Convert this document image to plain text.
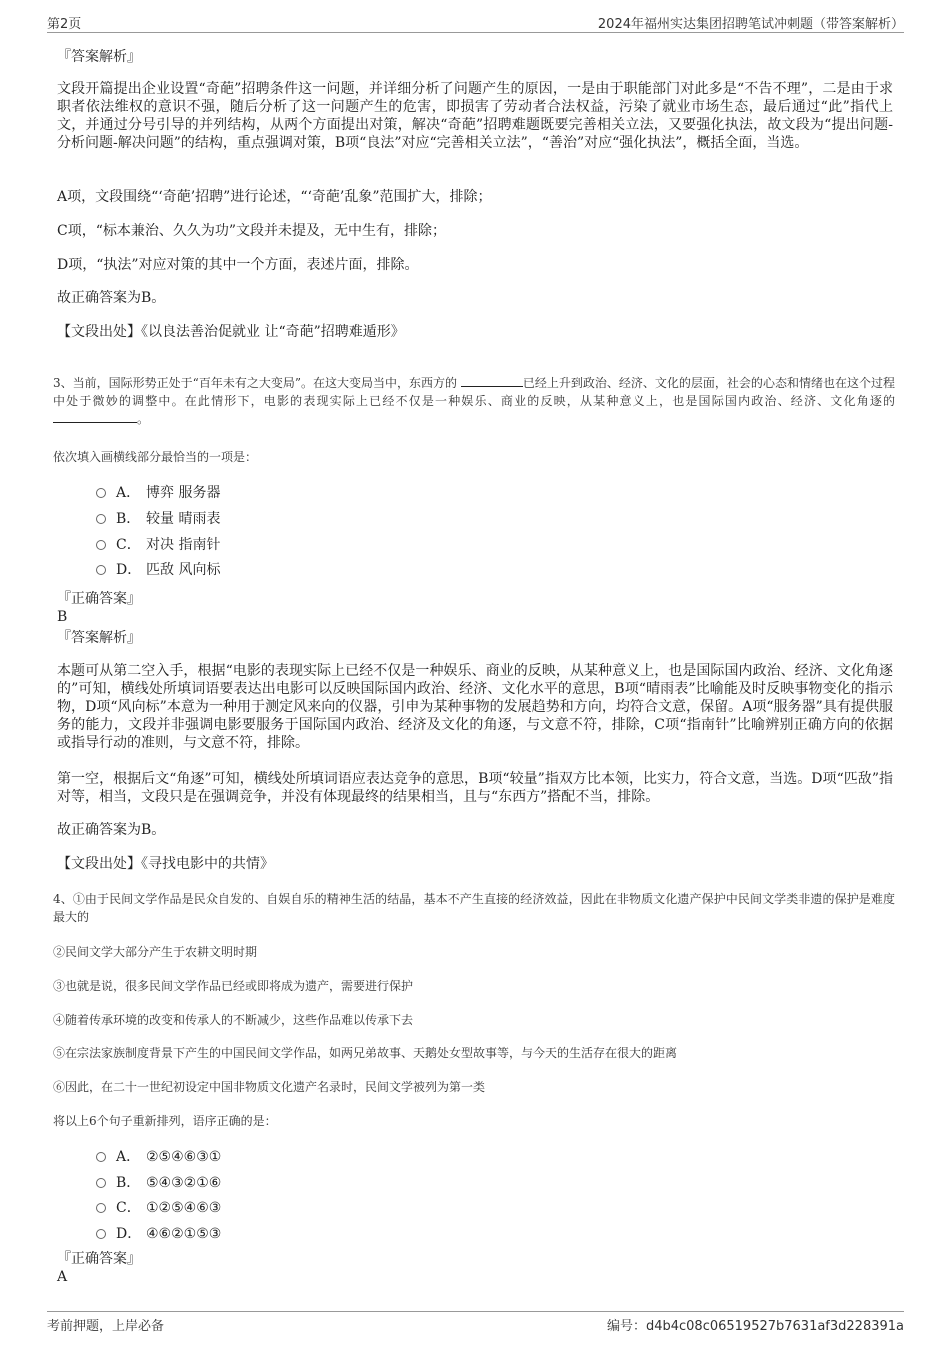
第2页	2024年福州实达集团招聘笔试冲刺题（带答案解析）
『答案解析』
文段开篇提出企业设置“奇葩”招聘条件这一问题，并详细分析了问题产生的原因，一是由于职能部门对此多是“不告不理”，二是由于求职者依法维权的意识不强，随后分析了这一问题产生的危害，即损害了劳动者合法权益，污染了就业市场生态，最后通过“此”指代上文，并通过分号引导的并列结构，从两个方面提出对策，解决“奇葩”招聘难题既要完善相关立法，又要强化执法，故文段为“提出问题-分析问题-解决问题”的结构，重点强调对策，B项“良法”对应“完善相关立法”，“善治”对应“强化执法”，概括全面，当选。
A项，文段围绕“‘奇葩’招聘”进行论述，“‘奇葩’乱象”范围扩大，排除；
C项，“标本兼治、久久为功”文段并未提及，无中生有，排除；
D项，“执法”对应对策的其中一个方面，表述片面，排除。
故正确答案为B。
【文段出处】《以良法善治促就业 让“奇葩”招聘难遁形》
3、当前，国际形势正处于“百年未有之大变局”。在这大变局当中，东西方的	已经上升到政治、经济、文化的层面，社会的心态和情绪也在这个过程中处于微妙的调整中。在此情形下，电影的表现实际上已经不仅是一种娱乐、商业的反映，从某种意义上，也是国际国内政治、经济、文化角逐的 。
依次填入画横线部分最恰当的一项是：
A． 博弈 服务器
B． 较量 晴雨表
C． 对决 指南针
D． 匹敌 风向标
『正确答案』
B
『答案解析』
本题可从第二空入手，根据“电影的表现实际上已经不仅是一种娱乐、商业的反映，从某种意义上，也是国际国内政治、经济、文化角逐的”可知，横线处所填词语要表达出电影可以反映国际国内政治、经济、文化水平的意思，B项“晴雨表”比喻能及时反映事物变化的指示物，D项“风向标”本意为一种用于测定风来向的仪器，引申为某种事物的发展趋势和方向，均符合文意，保留。A项“服务器”具有提供服务的能力，文段并非强调电影要服务于国际国内政治、经济及文化的角逐，与文意不符，排除，C项“指南针”比喻辨别正确方向的依据或指导行动的准则，与文意不符，排除。
第一空，根据后文“角逐”可知，横线处所填词语应表达竞争的意思，B项“较量”指双方比本领，比实力，符合文意，当选。D项“匹敌”指对等，相当，文段只是在强调竞争，并没有体现最终的结果相当，且与“东西方”搭配不当，排除。
故正确答案为B。
【文段出处】《寻找电影中的共情》
4、①由于民间文学作品是民众自发的、自娱自乐的精神生活的结晶，基本不产生直接的经济效益，因此在非物质文化遗产保护中民间文学类非遗的保护是难度最大的
②民间文学大部分产生于农耕文明时期
③也就是说，很多民间文学作品已经或即将成为遗产，需要进行保护
④随着传承环境的改变和传承人的不断减少，这些作品难以传承下去
⑤在宗法家族制度背景下产生的中国民间文学作品，如两兄弟故事、天鹅处女型故事等，与今天的生活存在很大的距离
⑥因此，在二十一世纪初设定中国非物质文化遗产名录时，民间文学被列为第一类
将以上6个句子重新排列，语序正确的是：
A． ②⑤④⑥③①
B． ⑤④③②①⑥
C． ①②⑤④⑥③
D． ④⑥②①⑤③
『正确答案』
A
考前押题，上岸必备	编号：d4b4c08c06519527b7631af3d228391a
